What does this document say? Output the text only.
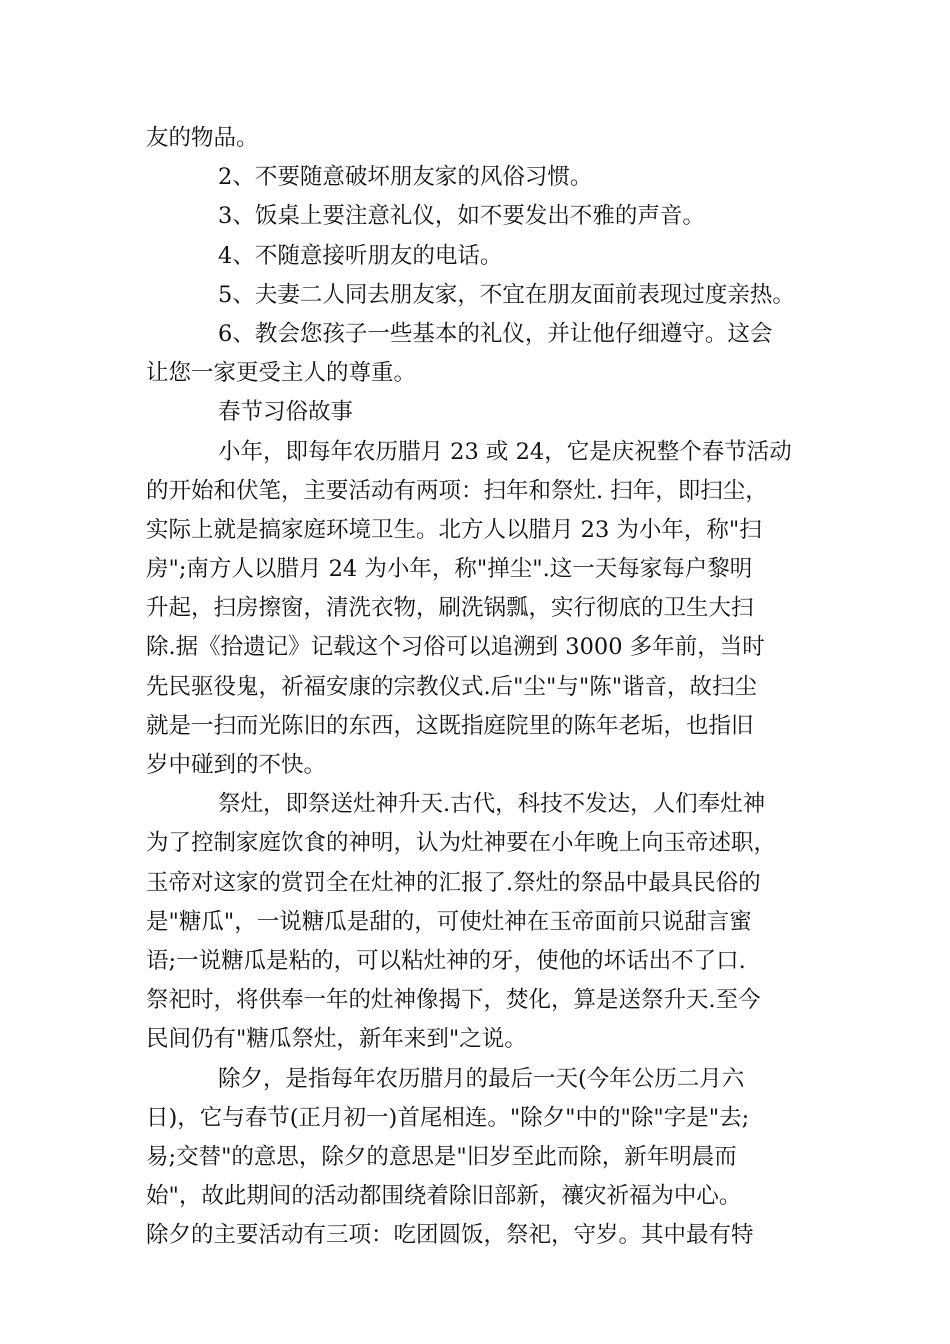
友的物品。
2、不要随意破坏朋友家的风俗习惯。
3、饭桌上要注意礼仪，如不要发出不雅的声音。
4、不随意接听朋友的电话。
5、夫妻二人同去朋友家，不宜在朋友面前表现过度亲热。
6、教会您孩子一些基本的礼仪，并让他仔细遵守。这会
让您一家更受主人的尊重。
春节习俗故事
小年，即每年农历腊月 23 或 24，它是庆祝整个春节活动
的开始和伏笔，主要活动有两项：扫年和祭灶. 扫年，即扫尘，
实际上就是搞家庭环境卫生。北方人以腊月 23 为小年，称"扫
房";南方人以腊月 24 为小年，称"掸尘".这一天每家每户黎明
升起，扫房擦窗，清洗衣物，刷洗锅瓢，实行彻底的卫生大扫
除.据《拾遗记》记载这个习俗可以追溯到 3000 多年前，当时
先民驱役鬼，祈福安康的宗教仪式.后"尘"与"陈"谐音，故扫尘
就是一扫而光陈旧的东西，这既指庭院里的陈年老垢，也指旧
岁中碰到的不快。
祭灶，即祭送灶神升天.古代，科技不发达，人们奉灶神
为了控制家庭饮食的神明，认为灶神要在小年晚上向玉帝述职，
玉帝对这家的赏罚全在灶神的汇报了.祭灶的祭品中最具民俗的
是"糖瓜"，一说糖瓜是甜的，可使灶神在玉帝面前只说甜言蜜
语;一说糖瓜是粘的，可以粘灶神的牙，使他的坏话出不了口.
祭祀时，将供奉一年的灶神像揭下，焚化，算是送祭升天.至今
民间仍有"糖瓜祭灶，新年来到"之说。
除夕，是指每年农历腊月的最后一天(今年公历二月六
日)，它与春节(正月初一)首尾相连。"除夕"中的"除"字是"去;
易;交替"的意思，除夕的意思是"旧岁至此而除，新年明晨而
始"，故此期间的活动都围绕着除旧部新，禳灾祈福为中心。
除夕的主要活动有三项：吃团圆饭，祭祀，守岁。其中最有特
